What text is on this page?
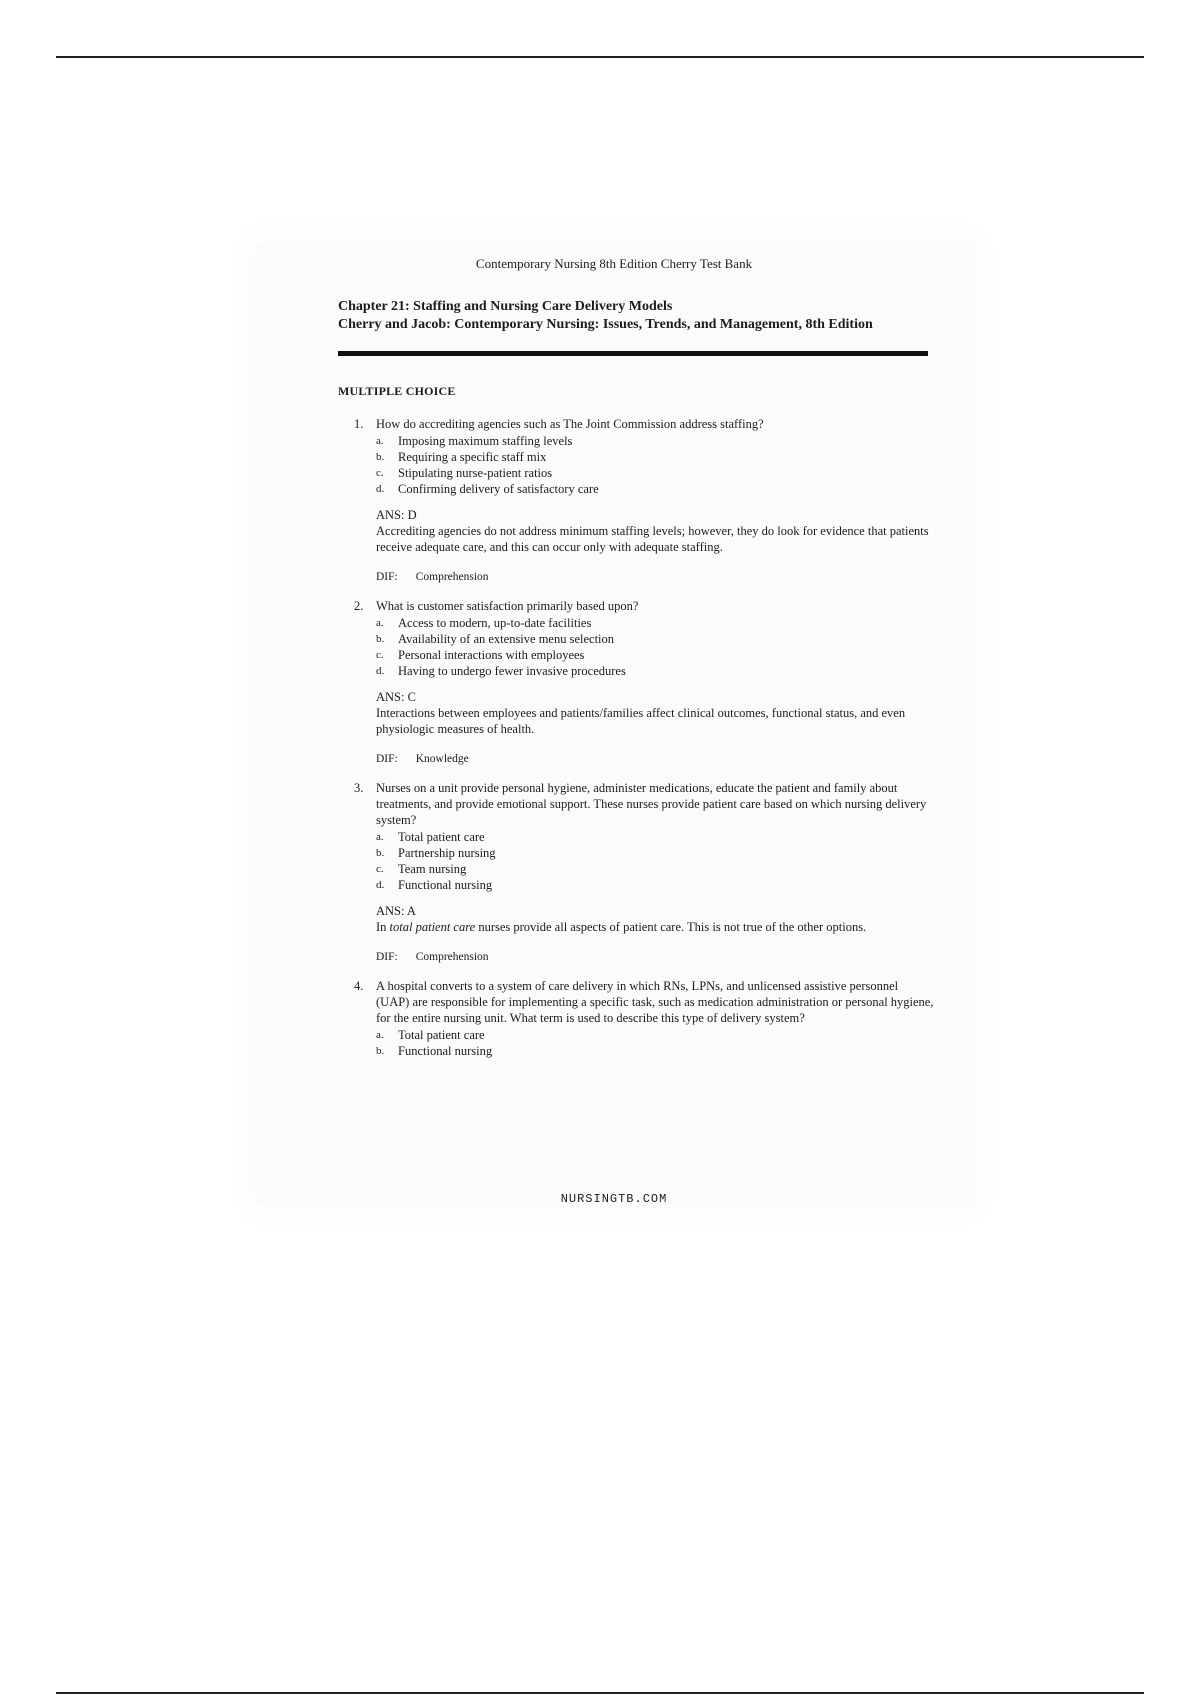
Contemporary Nursing 8th Edition Cherry Test Bank
Chapter 21: Staffing and Nursing Care Delivery Models
Cherry and Jacob: Contemporary Nursing: Issues, Trends, and Management, 8th Edition
MULTIPLE CHOICE
1. How do accrediting agencies such as The Joint Commission address staffing?

a. Imposing maximum staffing levels
b. Requiring a specific staff mix
c. Stipulating nurse-patient ratios
d. Confirming delivery of satisfactory care
ANS: D
Accrediting agencies do not address minimum staffing levels; however, they do look for evidence that patients receive adequate care, and this can occur only with adequate staffing.
DIF: Comprehension
2. What is customer satisfaction primarily based upon?

a. Access to modern, up-to-date facilities
b. Availability of an extensive menu selection
c. Personal interactions with employees
d. Having to undergo fewer invasive procedures
ANS: C
Interactions between employees and patients/families affect clinical outcomes, functional status, and even physiologic measures of health.
DIF: Knowledge
3. Nurses on a unit provide personal hygiene, administer medications, educate the patient and family about treatments, and provide emotional support. These nurses provide patient care based on which nursing delivery system?

a. Total patient care
b. Partnership nursing
c. Team nursing
d. Functional nursing
ANS: A
In total patient care nurses provide all aspects of patient care. This is not true of the other options.
DIF: Comprehension
4. A hospital converts to a system of care delivery in which RNs, LPNs, and unlicensed assistive personnel (UAP) are responsible for implementing a specific task, such as medication administration or personal hygiene, for the entire nursing unit. What term is used to describe this type of delivery system?

a. Total patient care
b. Functional nursing
NURSINGTB.COM
